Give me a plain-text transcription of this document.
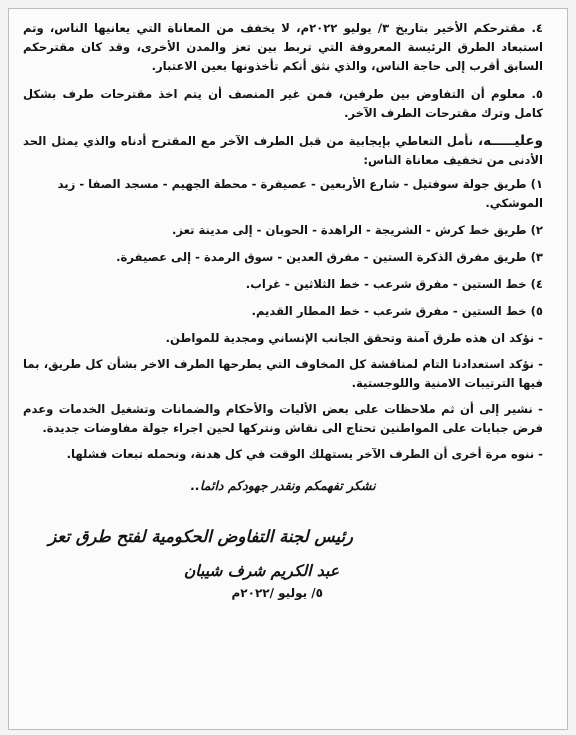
٤. مقترحكم الأخير بتاريخ ٣/ يوليو ٢٠٢٢م، لا يخفف من المعاناة التي يعانيها الناس، وتم استبعاد الطرق الرئيسة المعروفة التي تربط بين تعز والمدن الأخرى، وقد كان مقترحكم السابق أقرب إلى حاجة الناس، والذي نثق أنكم تأخذونها بعين الاعتبار.

٥. معلوم أن التفاوض بين طرفين، فمن غير المنصف أن يتم اخذ مقترحات طرف بشكل كامل وترك مقترحات الطرف الآخر.

وعليـــــه، نأمل التعاطي بإيجابية من قبل الطرف الآخر مع المقترح أدناه والذي يمثل الحد الأدنى من تخفيف معاناة الناس:

١) طريق جولة سوفتيل - شارع الأربعين - عصيفرة - محطة الجهيم - مسجد الصفا - زيد الموشكي.

٢) طريق خط كرش - الشريجة - الراهدة - الحوبان - إلى مدينة تعز.

٣) طريق مفرق الذكرة الستين - مفرق العدين - سوق الرمدة - إلى عصيفرة.

٤) خط الستين - مفرق شرعب - خط الثلاثين - غراب.

٥) خط الستين - مفرق شرعب - خط المطار القديم.

- نؤكد ان هذه طرق آمنة وتحقق الجانب الإنساني ومجدية للمواطن.

- نؤكد استعدادنا التام لمناقشة كل المخاوف التي يطرحها الطرف الاخر بشأن كل طريق، بما فيها الترتيبات الامنية واللوجستية.

- نشير إلى أن ثم ملاحظات على بعض الأليات والأحكام والضمانات وتشغيل الخدمات وعدم فرض جبايات على المواطنين تحتاج الى نقاش ونتركها لحين اجراء جولة مفاوضات جديدة.

- ننوه مرة أخرى أن الطرف الآخر يستهلك الوقت في كل هدنة، ونحمله تبعات فشلها.

نشكر تفهمكم ونقدر جهودكم دائما..

رئيس لجنة التفاوض الحكومية لفتح طرق تعز

عبد الكريم شرف شيبان

٥/ يوليو /٢٠٢٢م
